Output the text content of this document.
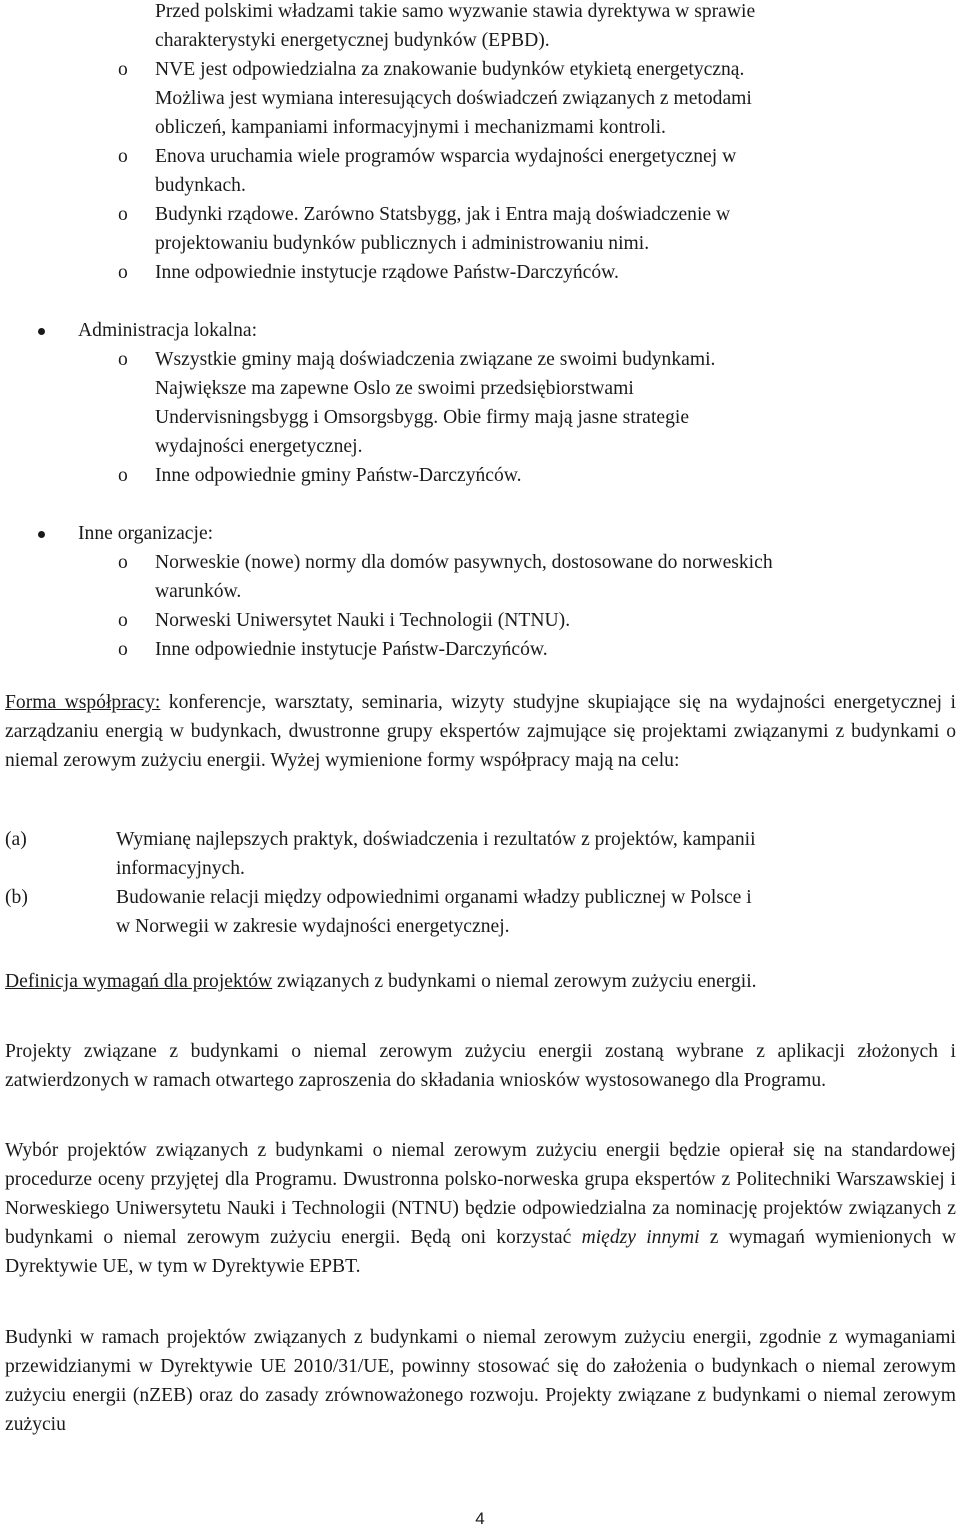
Przed polskimi władzami takie samo wyzwanie stawia dyrektywa w sprawie
charakterystyki energetycznej budynków (EPBD).
o NVE jest odpowiedzialna za znakowanie budynków etykietą energetyczną.
Możliwa jest wymiana interesujących doświadczeń związanych z metodami
obliczeń, kampaniami informacyjnymi i mechanizmami kontroli.
o Enova uruchamia wiele programów wsparcia wydajności energetycznej w
budynkach.
o Budynki rządowe. Zarówno Statsbygg, jak i Entra mają doświadczenie w
projektowaniu budynków publicznych i administrowaniu nimi.
o Inne odpowiednie instytucje rządowe Państw-Darczyńców.
Administracja lokalna:
o Wszystkie gminy mają doświadczenia związane ze swoimi budynkami.
Największe ma zapewne Oslo ze swoimi przedsiębiorstwami
Undervisningsbygg i Omsorgsbygg. Obie firmy mają jasne strategie
wydajności energetycznej.
o Inne odpowiednie gminy Państw-Darczyńców.
Inne organizacje:
o Norweskie (nowe) normy dla domów pasywnych, dostosowane do norweskich
warunków.
o Norweski Uniwersytet Nauki i Technologii (NTNU).
o Inne odpowiednie instytucje Państw-Darczyńców.
Forma współpracy: konferencje, warsztaty, seminaria, wizyty studyjne skupiające się na wydajności energetycznej i zarządzaniu energią w budynkach, dwustronne grupy ekspertów zajmujące się projektami związanymi z budynkami o niemal zerowym zużyciu energii. Wyżej wymienione formy współpracy mają na celu:
(a)	Wymianę najlepszych praktyk, doświadczenia i rezultatów z projektów, kampanii
informacyjnych.
(b)	Budowanie relacji między odpowiednimi organami władzy publicznej w Polsce i
w Norwegii w zakresie wydajności energetycznej.
Definicja wymagań dla projektów związanych z budynkami o niemal zerowym zużyciu energii.
Projekty związane z budynkami o niemal zerowym zużyciu energii zostaną wybrane z aplikacji złożonych i zatwierdzonych w ramach otwartego zaproszenia do składania wniosków wystosowanego dla Programu.
Wybór projektów związanych z budynkami o niemal zerowym zużyciu energii będzie opierał się na standardowej procedurze oceny przyjętej dla Programu. Dwustronna polsko-norweska grupa ekspertów z Politechniki Warszawskiej i Norweskiego Uniwersytetu Nauki i Technologii (NTNU) będzie odpowiedzialna za nominację projektów związanych z budynkami o niemal zerowym zużyciu energii. Będą oni korzystać między innymi z wymagań wymienionych w Dyrektywie UE, w tym w Dyrektywie EPBT.
Budynki w ramach projektów związanych z budynkami o niemal zerowym zużyciu energii, zgodnie z wymaganiami przewidzianymi w Dyrektywie UE 2010/31/UE, powinny stosować się do założenia o budynkach o niemal zerowym zużyciu energii (nZEB) oraz do zasady zrównoważonego rozwoju. Projekty związane z budynkami o niemal zerowym zużyciu
4
